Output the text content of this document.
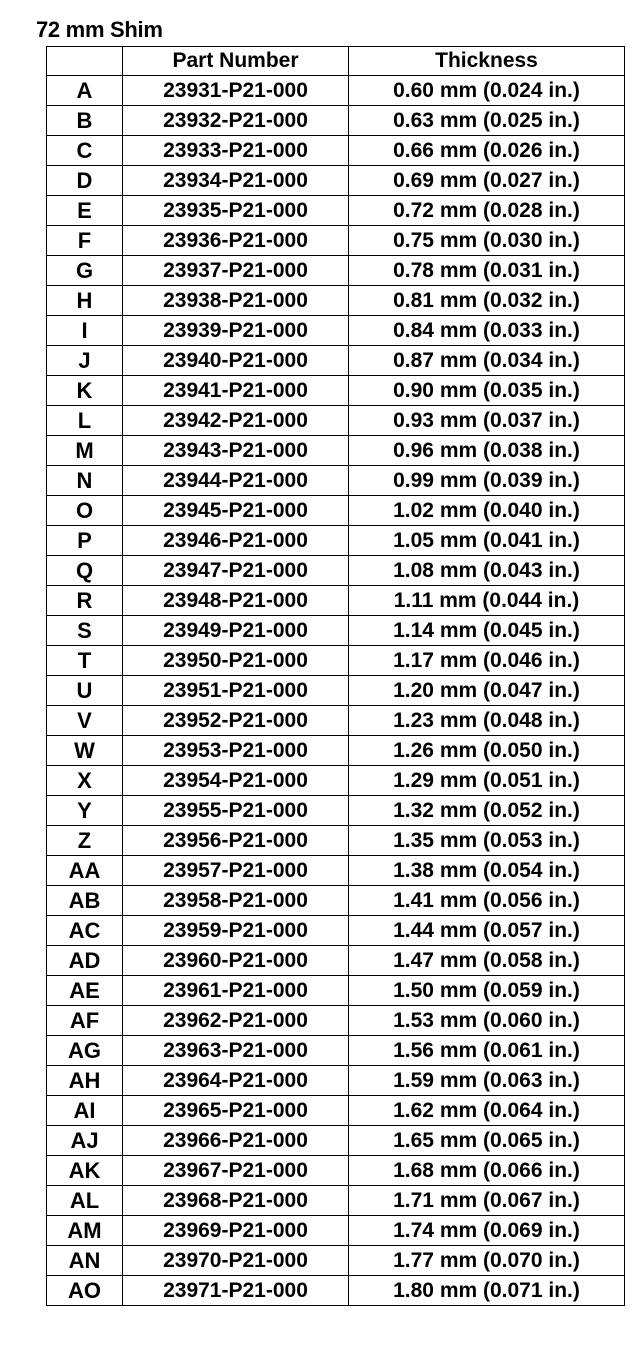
72 mm Shim
	Part Number	Thickness
A	23931-P21-000	0.60 mm (0.024 in.)
B	23932-P21-000	0.63 mm (0.025 in.)
C	23933-P21-000	0.66 mm (0.026 in.)
D	23934-P21-000	0.69 mm (0.027 in.)
E	23935-P21-000	0.72 mm (0.028 in.)
F	23936-P21-000	0.75 mm (0.030 in.)
G	23937-P21-000	0.78 mm (0.031 in.)
H	23938-P21-000	0.81 mm (0.032 in.)
I	23939-P21-000	0.84 mm (0.033 in.)
J	23940-P21-000	0.87 mm (0.034 in.)
K	23941-P21-000	0.90 mm (0.035 in.)
L	23942-P21-000	0.93 mm (0.037 in.)
M	23943-P21-000	0.96 mm (0.038 in.)
N	23944-P21-000	0.99 mm (0.039 in.)
O	23945-P21-000	1.02 mm (0.040 in.)
P	23946-P21-000	1.05 mm (0.041 in.)
Q	23947-P21-000	1.08 mm (0.043 in.)
R	23948-P21-000	1.11 mm (0.044 in.)
S	23949-P21-000	1.14 mm (0.045 in.)
T	23950-P21-000	1.17 mm (0.046 in.)
U	23951-P21-000	1.20 mm (0.047 in.)
V	23952-P21-000	1.23 mm (0.048 in.)
W	23953-P21-000	1.26 mm (0.050 in.)
X	23954-P21-000	1.29 mm (0.051 in.)
Y	23955-P21-000	1.32 mm (0.052 in.)
Z	23956-P21-000	1.35 mm (0.053 in.)
AA	23957-P21-000	1.38 mm (0.054 in.)
AB	23958-P21-000	1.41 mm (0.056 in.)
AC	23959-P21-000	1.44 mm (0.057 in.)
AD	23960-P21-000	1.47 mm (0.058 in.)
AE	23961-P21-000	1.50 mm (0.059 in.)
AF	23962-P21-000	1.53 mm (0.060 in.)
AG	23963-P21-000	1.56 mm (0.061 in.)
AH	23964-P21-000	1.59 mm (0.063 in.)
AI	23965-P21-000	1.62 mm (0.064 in.)
AJ	23966-P21-000	1.65 mm (0.065 in.)
AK	23967-P21-000	1.68 mm (0.066 in.)
AL	23968-P21-000	1.71 mm (0.067 in.)
AM	23969-P21-000	1.74 mm (0.069 in.)
AN	23970-P21-000	1.77 mm (0.070 in.)
AO	23971-P21-000	1.80 mm (0.071 in.)
